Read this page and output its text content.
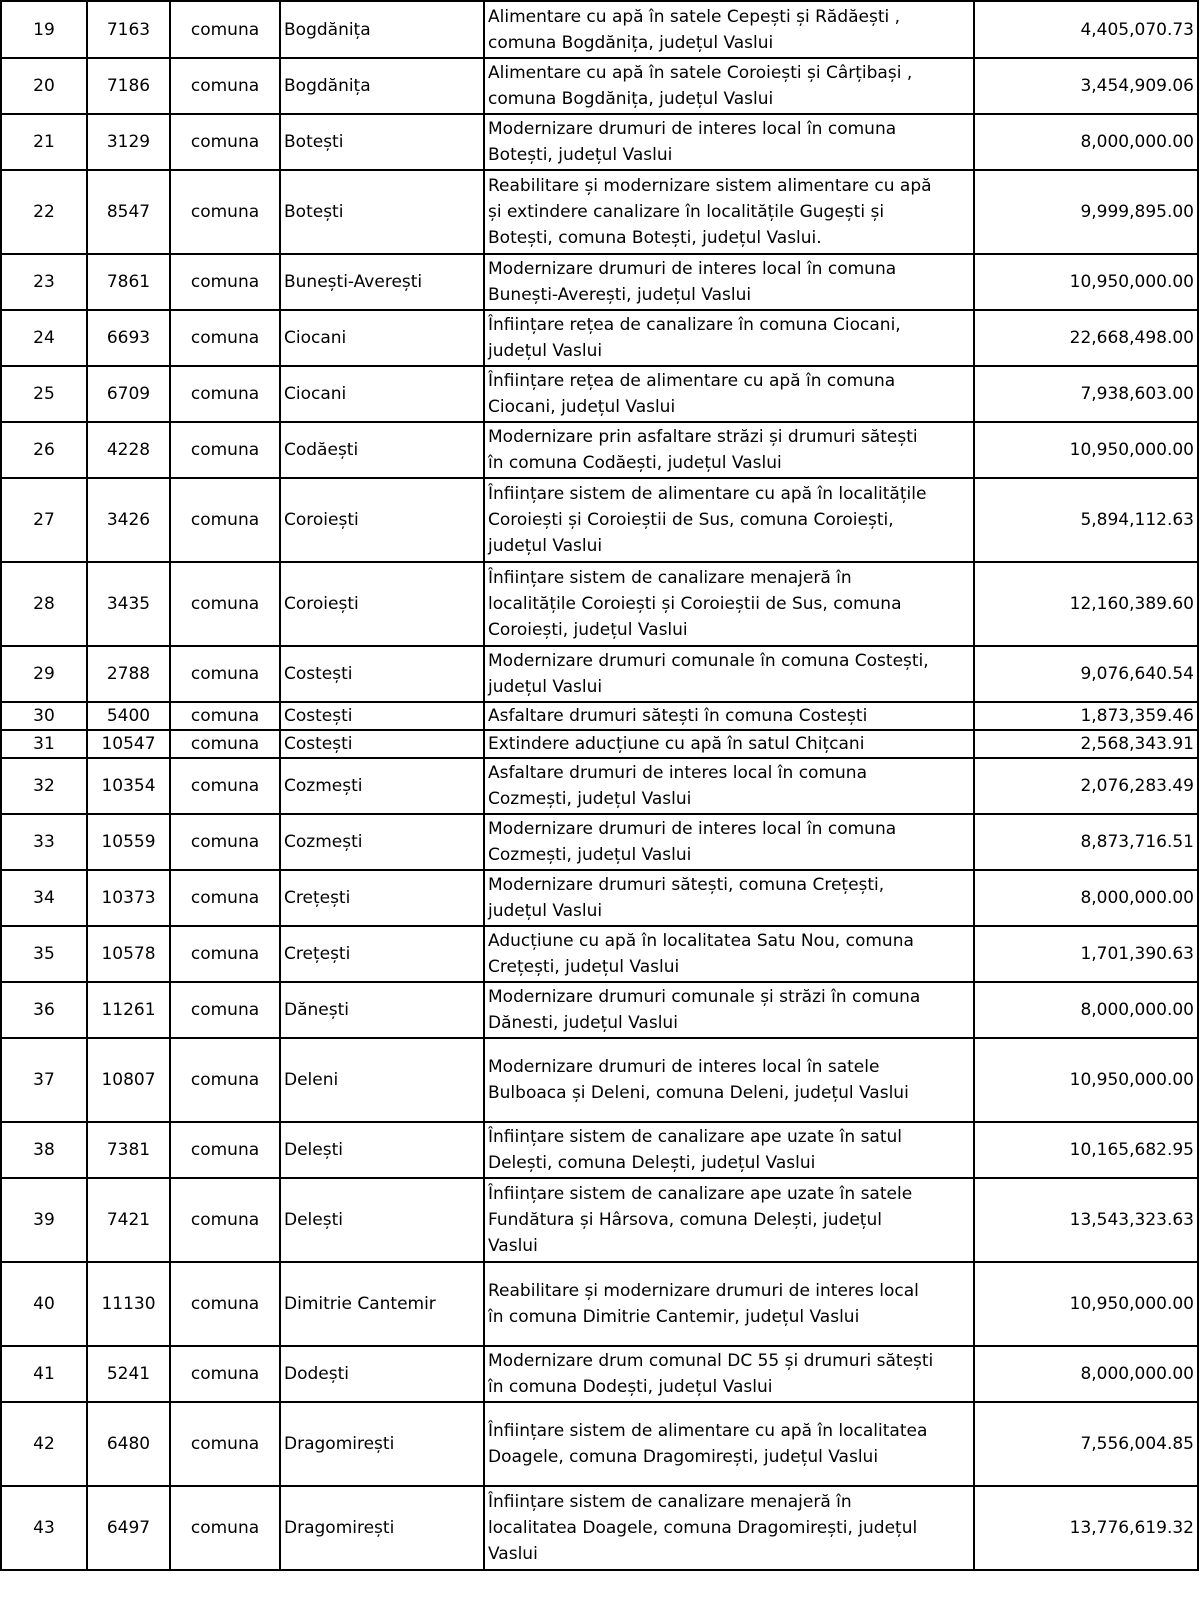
19	7163	comuna	Bogdănița	Alimentare cu apă în satele Cepești și Rădăești ,
comuna Bogdănița, județul Vaslui	4,405,070.73
20	7186	comuna	Bogdănița	Alimentare cu apă în satele Coroiești și Cârțibași ,
comuna Bogdănița, județul Vaslui	3,454,909.06
21	3129	comuna	Botești	Modernizare drumuri de interes local în comuna
Botești, județul Vaslui	8,000,000.00
22	8547	comuna	Botești	Reabilitare și modernizare sistem alimentare cu apă
și extindere canalizare în localitățile Gugești și
Botești, comuna Botești, județul Vaslui.	9,999,895.00
23	7861	comuna	Bunești-Averești	Modernizare drumuri de interes local în comuna
Bunești-Averești, județul Vaslui	10,950,000.00
24	6693	comuna	Ciocani	Înființare rețea de canalizare în comuna Ciocani,
județul Vaslui	22,668,498.00
25	6709	comuna	Ciocani	Înființare rețea de alimentare cu apă în comuna
Ciocani, județul Vaslui	7,938,603.00
26	4228	comuna	Codăești	Modernizare prin asfaltare străzi și drumuri sătești
în comuna Codăești, județul Vaslui	10,950,000.00
27	3426	comuna	Coroiești	Înființare sistem de alimentare cu apă în localitățile
Coroiești și Coroieștii de Sus, comuna Coroiești,
județul Vaslui	5,894,112.63
28	3435	comuna	Coroiești	Înființare sistem de canalizare menajeră în
localitățile Coroiești și Coroieștii de Sus, comuna
Coroiești, județul Vaslui	12,160,389.60
29	2788	comuna	Costești	Modernizare drumuri comunale în comuna Costești,
județul Vaslui	9,076,640.54
30	5400	comuna	Costești	Asfaltare drumuri sătești în comuna Costești	1,873,359.46
31	10547	comuna	Costești	Extindere aducțiune cu apă în satul Chițcani	2,568,343.91
32	10354	comuna	Cozmești	Asfaltare drumuri de interes local în comuna
Cozmești, județul Vaslui	2,076,283.49
33	10559	comuna	Cozmești	Modernizare drumuri de interes local în comuna
Cozmești, județul Vaslui	8,873,716.51
34	10373	comuna	Crețești	Modernizare drumuri sătești, comuna Crețești,
județul Vaslui	8,000,000.00
35	10578	comuna	Crețești	Aducțiune cu apă în localitatea Satu Nou, comuna
Crețești, județul Vaslui	1,701,390.63
36	11261	comuna	Dănești	Modernizare drumuri comunale și străzi în comuna
Dănesti, județul Vaslui	8,000,000.00
37	10807	comuna	Deleni	Modernizare drumuri de interes local în satele
Bulboaca și Deleni, comuna Deleni, județul Vaslui	10,950,000.00
38	7381	comuna	Delești	Înființare sistem de canalizare ape uzate în satul
Delești, comuna Delești, județul Vaslui	10,165,682.95
39	7421	comuna	Delești	Înființare sistem de canalizare ape uzate în satele
Fundătura și Hârsova, comuna Delești, județul
Vaslui	13,543,323.63
40	11130	comuna	Dimitrie Cantemir	Reabilitare și modernizare drumuri de interes local
în comuna Dimitrie Cantemir, județul Vaslui	10,950,000.00
41	5241	comuna	Dodești	Modernizare drum comunal DC 55 și drumuri sătești
în comuna Dodești, județul Vaslui	8,000,000.00
42	6480	comuna	Dragomirești	Înființare sistem de alimentare cu apă în localitatea
Doagele, comuna Dragomirești, județul Vaslui	7,556,004.85
43	6497	comuna	Dragomirești	Înființare sistem de canalizare menajeră în
localitatea Doagele, comuna Dragomirești, județul
Vaslui	13,776,619.32
